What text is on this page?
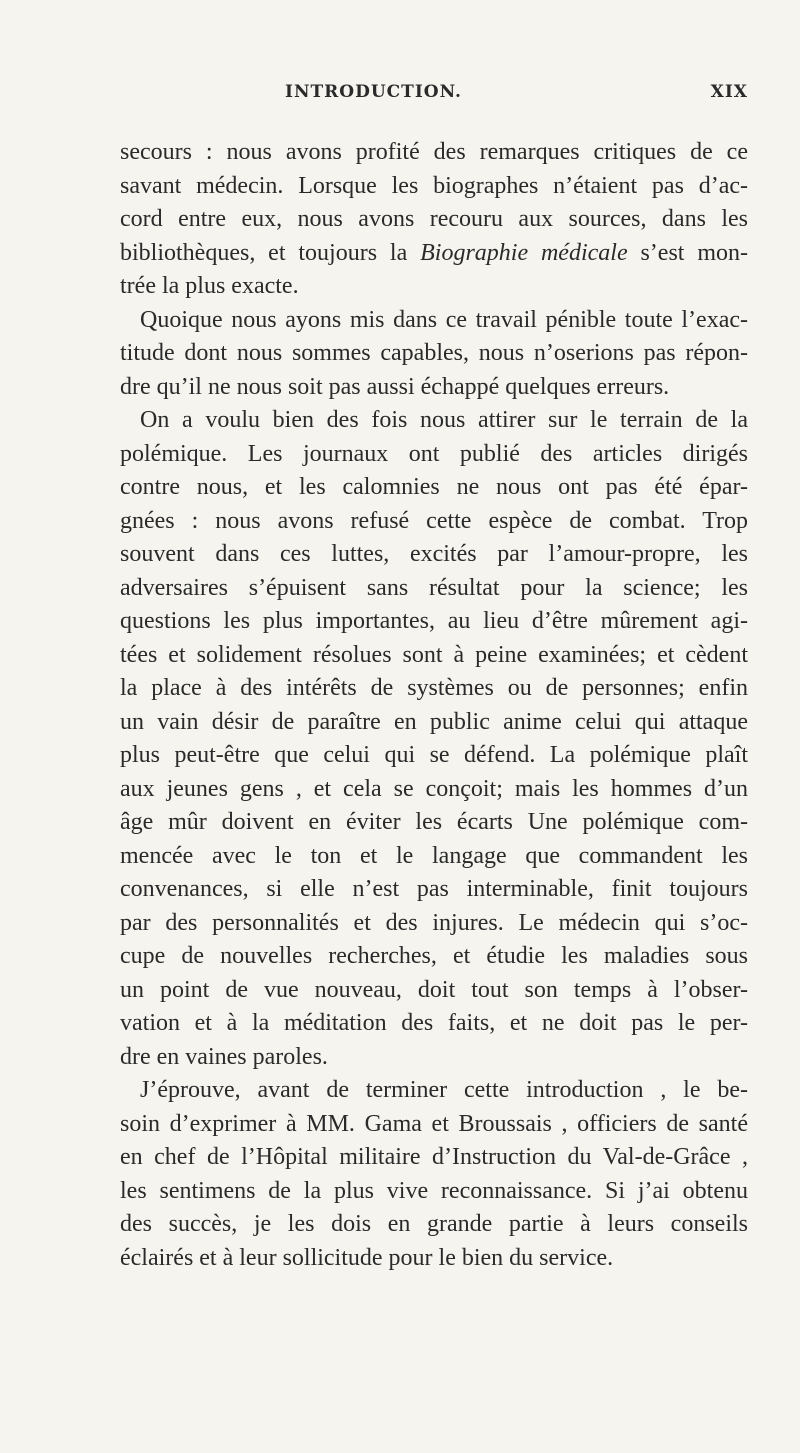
INTRODUCTION.	XIX

secours : nous avons profité des remarques critiques de ce
savant médecin. Lorsque les biographes n’étaient pas d’ac-
cord entre eux, nous avons recouru aux sources, dans les
bibliothèques, et toujours la Biographie médicale s’est mon-
trée la plus exacte.

Quoique nous ayons mis dans ce travail pénible toute l’exac-
titude dont nous sommes capables, nous n’oserions pas répon-
dre qu’il ne nous soit pas aussi échappé quelques erreurs.

On a voulu bien des fois nous attirer sur le terrain de la
polémique. Les journaux ont publié des articles dirigés
contre nous, et les calomnies ne nous ont pas été épar-
gnées : nous avons refusé cette espèce de combat. Trop
souvent dans ces luttes, excités par l’amour-propre, les
adversaires s’épuisent sans résultat pour la science; les
questions les plus importantes, au lieu d’être mûrement agi-
tées et solidement résolues sont à peine examinées; et cèdent
la place à des intérêts de systèmes ou de personnes; enfin
un vain désir de paraître en public anime celui qui attaque
plus peut-être que celui qui se défend. La polémique plaît
aux jeunes gens , et cela se conçoit; mais les hommes d’un
âge mûr doivent en éviter les écarts Une polémique com-
mencée avec le ton et le langage que commandent les
convenances, si elle n’est pas interminable, finit toujours
par des personnalités et des injures. Le médecin qui s’oc-
cupe de nouvelles recherches, et étudie les maladies sous
un point de vue nouveau, doit tout son temps à l’obser-
vation et à la méditation des faits, et ne doit pas le per-
dre en vaines paroles.

J’éprouve, avant de terminer cette introduction , le be-
soin d’exprimer à MM. Gama et Broussais , officiers de santé
en chef de l’Hôpital militaire d’Instruction du Val-de-Grâce ,
les sentimens de la plus vive reconnaissance. Si j’ai obtenu
des succès, je les dois en grande partie à leurs conseils
éclairés et à leur sollicitude pour le bien du service.
